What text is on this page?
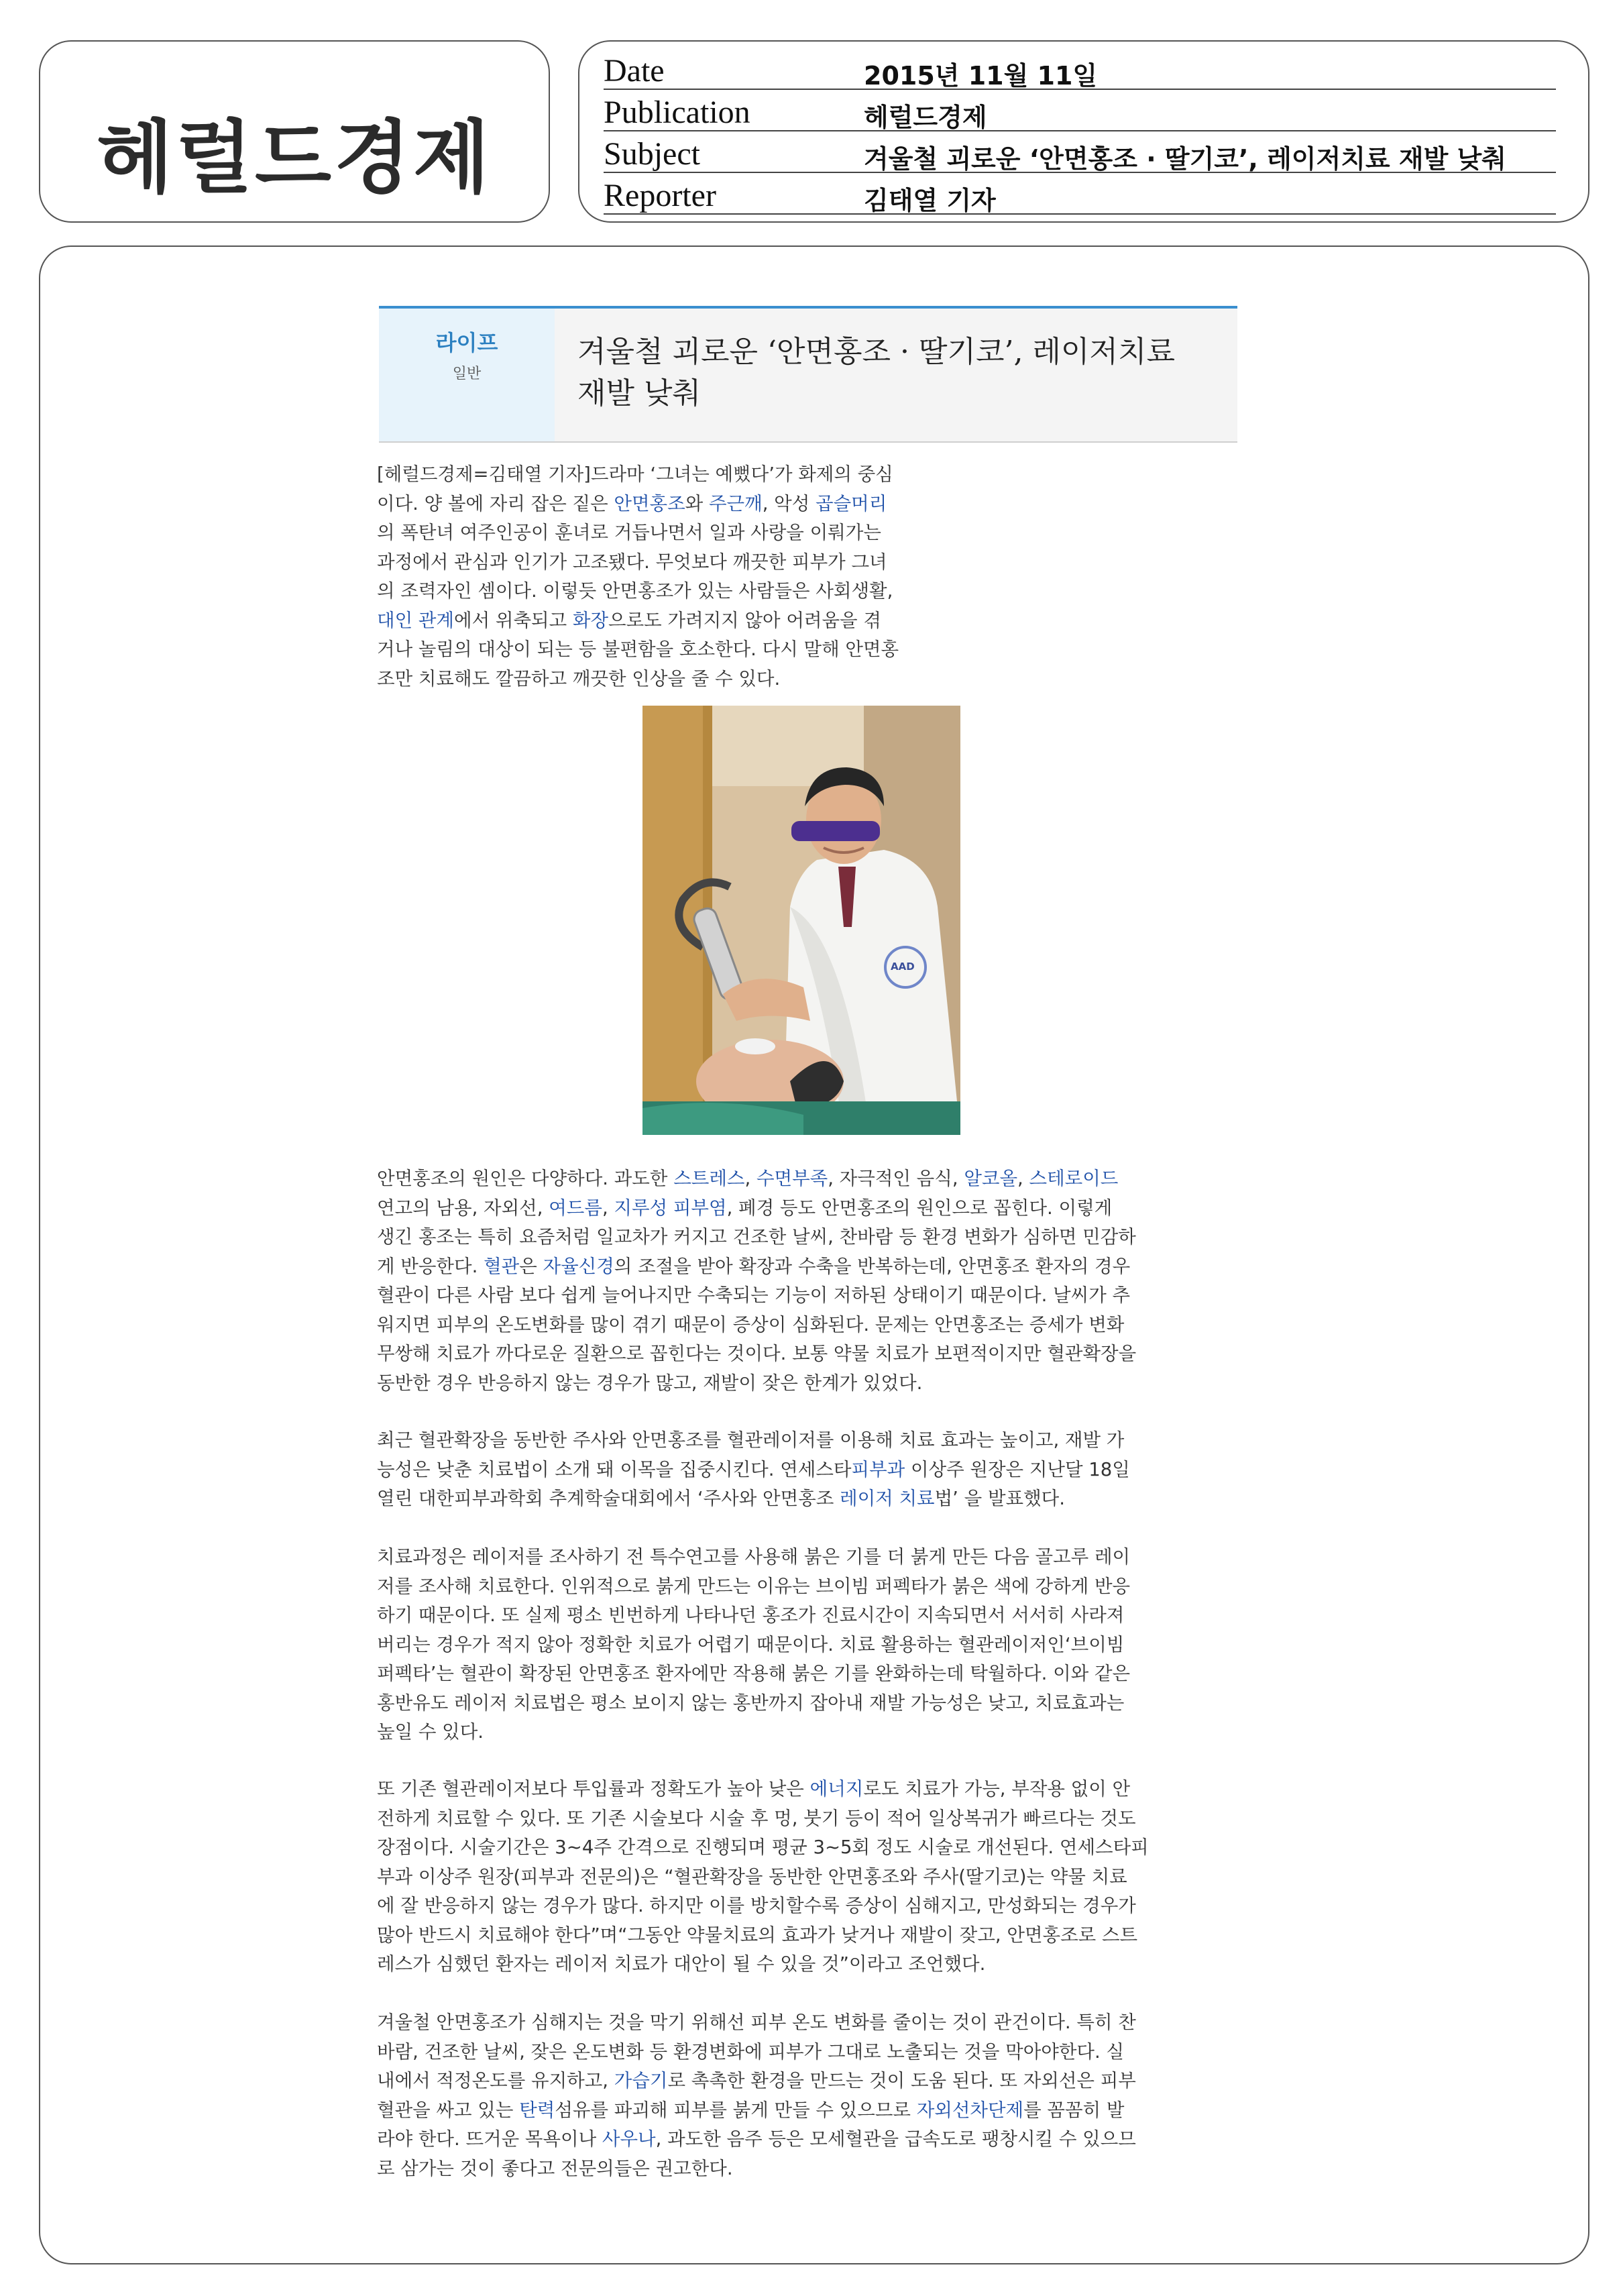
헤럴드경제
Date	2015년 11월 11일
Publication	헤럴드경제
Subject	겨울철 괴로운 ‘안면홍조 · 딸기코’, 레이저치료 재발 낮춰
Reporter	김태열 기자
라이프
일반
겨울철 괴로운 ‘안면홍조 · 딸기코’, 레이저치료
재발 낮춰
[헤럴드경제=김태열 기자]드라마 ‘그녀는 예뻤다’가 화제의 중심
이다. 양 볼에 자리 잡은 짙은 안면홍조와 주근깨, 악성 곱슬머리
의 폭탄녀 여주인공이 훈녀로 거듭나면서 일과 사랑을 이뤄가는
과정에서 관심과 인기가 고조됐다. 무엇보다 깨끗한 피부가 그녀
의 조력자인 셈이다. 이렇듯 안면홍조가 있는 사람들은 사회생활,
대인 관계에서 위축되고 화장으로도 가려지지 않아 어려움을 겪
거나 놀림의 대상이 되는 등 불편함을 호소한다. 다시 말해 안면홍
조만 치료해도 깔끔하고 깨끗한 인상을 줄 수 있다.
AAD
안면홍조의 원인은 다양하다. 과도한 스트레스, 수면부족, 자극적인 음식, 알코올, 스테로이드
연고의 남용, 자외선, 여드름, 지루성 피부염, 폐경 등도 안면홍조의 원인으로 꼽힌다. 이렇게
생긴 홍조는 특히 요즘처럼 일교차가 커지고 건조한 날씨, 찬바람 등 환경 변화가 심하면 민감하
게 반응한다. 혈관은 자율신경의 조절을 받아 확장과 수축을 반복하는데, 안면홍조 환자의 경우
혈관이 다른 사람 보다 쉽게 늘어나지만 수축되는 기능이 저하된 상태이기 때문이다. 날씨가 추
워지면 피부의 온도변화를 많이 겪기 때문이 증상이 심화된다. 문제는 안면홍조는 증세가 변화
무쌍해 치료가 까다로운 질환으로 꼽힌다는 것이다. 보통 약물 치료가 보편적이지만 혈관확장을
동반한 경우 반응하지 않는 경우가 많고, 재발이 잦은 한계가 있었다.
최근 혈관확장을 동반한 주사와 안면홍조를 혈관레이저를 이용해 치료 효과는 높이고, 재발 가
능성은 낮춘 치료법이 소개 돼 이목을 집중시킨다. 연세스타피부과 이상주 원장은 지난달 18일
열린 대한피부과학회 추계학술대회에서 ‘주사와 안면홍조 레이저 치료법’ 을 발표했다.
치료과정은 레이저를 조사하기 전 특수연고를 사용해 붉은 기를 더 붉게 만든 다음 골고루 레이
저를 조사해 치료한다. 인위적으로 붉게 만드는 이유는 브이빔 퍼펙타가 붉은 색에 강하게 반응
하기 때문이다. 또 실제 평소 빈번하게 나타나던 홍조가 진료시간이 지속되면서 서서히 사라져
버리는 경우가 적지 않아 정확한 치료가 어렵기 때문이다. 치료 활용하는 혈관레이저인‘브이빔
퍼펙타’는 혈관이 확장된 안면홍조 환자에만 작용해 붉은 기를 완화하는데 탁월하다. 이와 같은
홍반유도 레이저 치료법은 평소 보이지 않는 홍반까지 잡아내 재발 가능성은 낮고, 치료효과는
높일 수 있다.
또 기존 혈관레이저보다 투입률과 정확도가 높아 낮은 에너지로도 치료가 가능, 부작용 없이 안
전하게 치료할 수 있다. 또 기존 시술보다 시술 후 멍, 붓기 등이 적어 일상복귀가 빠르다는 것도
장점이다. 시술기간은 3~4주 간격으로 진행되며 평균 3~5회 정도 시술로 개선된다. 연세스타피
부과 이상주 원장(피부과 전문의)은 “혈관확장을 동반한 안면홍조와 주사(딸기코)는 약물 치료
에 잘 반응하지 않는 경우가 많다. 하지만 이를 방치할수록 증상이 심해지고, 만성화되는 경우가
많아 반드시 치료해야 한다”며“그동안 약물치료의 효과가 낮거나 재발이 잦고, 안면홍조로 스트
레스가 심했던 환자는 레이저 치료가 대안이 될 수 있을 것”이라고 조언했다.
겨울철 안면홍조가 심해지는 것을 막기 위해선 피부 온도 변화를 줄이는 것이 관건이다. 특히 찬
바람, 건조한 날씨, 잦은 온도변화 등 환경변화에 피부가 그대로 노출되는 것을 막아야한다. 실
내에서 적정온도를 유지하고, 가습기로 촉촉한 환경을 만드는 것이 도움 된다. 또 자외선은 피부
혈관을 싸고 있는 탄력섬유를 파괴해 피부를 붉게 만들 수 있으므로 자외선차단제를 꼼꼼히 발
라야 한다. 뜨거운 목욕이나 사우나, 과도한 음주 등은 모세혈관을 급속도로 팽창시킬 수 있으므
로 삼가는 것이 좋다고 전문의들은 권고한다.
